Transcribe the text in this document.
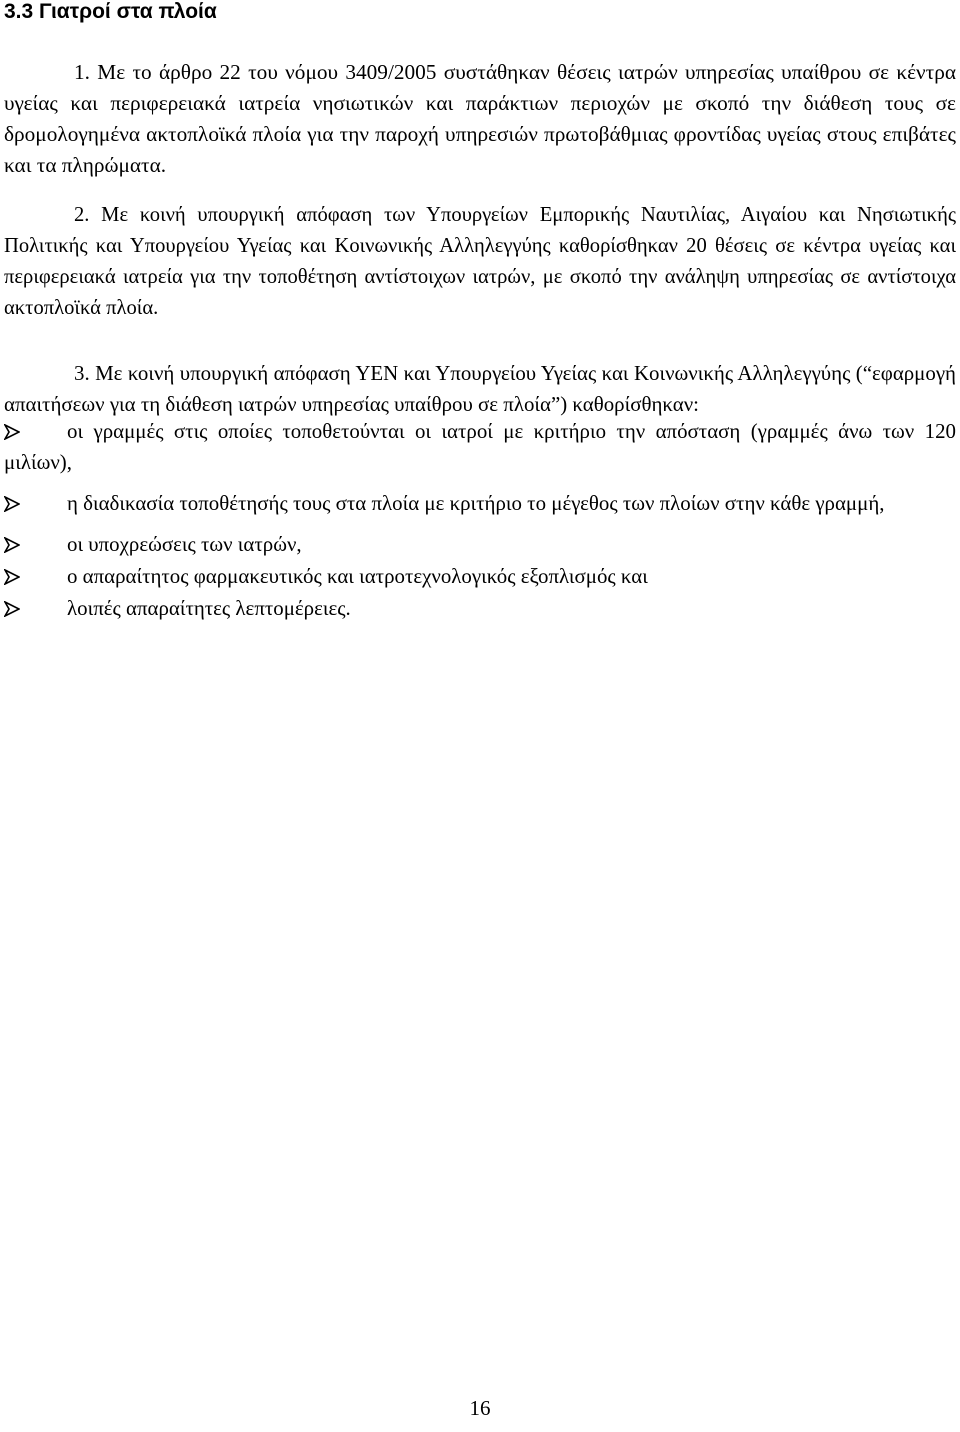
3.3 Γιατροί στα πλοία

1. Με το άρθρο 22 του νόμου 3409/2005 συστάθηκαν θέσεις ιατρών υπηρεσίας υπαίθρου σε κέντρα υγείας και περιφερειακά ιατρεία νησιωτικών και παράκτιων περιοχών με σκοπό την διάθεση τους σε δρομολογημένα ακτοπλοϊκά πλοία για την παροχή υπηρεσιών πρωτοβάθμιας φροντίδας υγείας στους επιβάτες και τα πληρώματα.

2. Με κοινή υπουργική απόφαση των Υπουργείων Εμπορικής Ναυτιλίας, Αιγαίου και Νησιωτικής Πολιτικής και Υπουργείου Υγείας και Κοινωνικής Αλληλεγγύης καθορίσθηκαν 20 θέσεις σε κέντρα υγείας και περιφερειακά ιατρεία για την τοποθέτηση αντίστοιχων ιατρών, με σκοπό την ανάληψη υπηρεσίας σε αντίστοιχα ακτοπλοϊκά πλοία.

3. Με κοινή υπουργική απόφαση ΥΕΝ και Υπουργείου Υγείας και Κοινωνικής Αλληλεγγύης (“εφαρμογή απαιτήσεων για τη διάθεση ιατρών υπηρεσίας υπαίθρου σε πλοία”) καθορίσθηκαν:

οι γραμμές στις οποίες τοποθετούνται οι ιατροί με κριτήριο την απόσταση (γραμμές άνω των 120 μιλίων),
η διαδικασία τοποθέτησής τους στα πλοία με κριτήριο το μέγεθος των πλοίων στην κάθε γραμμή,
οι υποχρεώσεις των ιατρών,
ο απαραίτητος φαρμακευτικός και ιατροτεχνολογικός εξοπλισμός και
λοιπές απαραίτητες λεπτομέρειες.
16
